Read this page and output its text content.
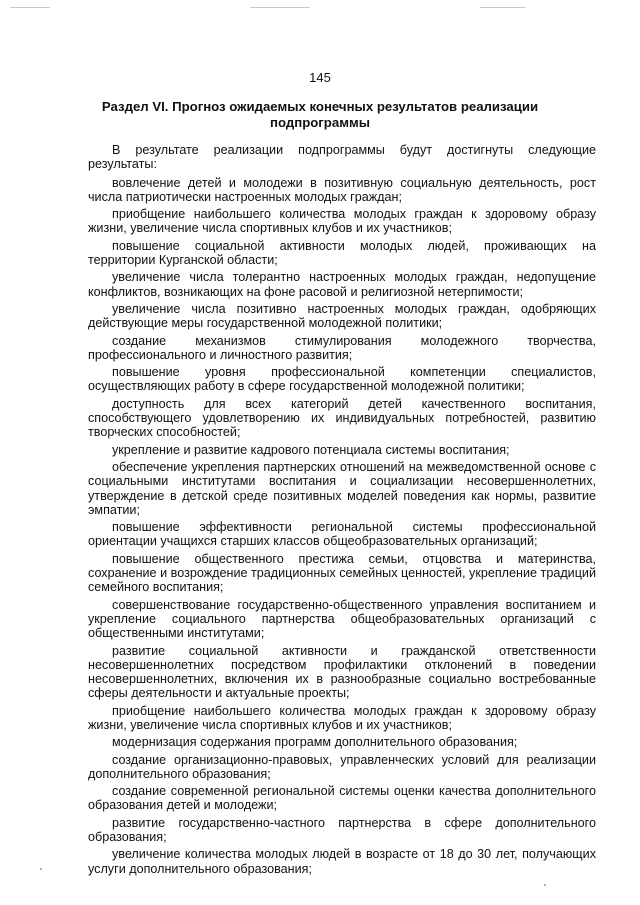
145
Раздел VI. Прогноз ожидаемых конечных результатов реализации
подпрограммы

В результате реализации подпрограммы будут достигнуты следующие результаты:

вовлечение детей и молодежи в позитивную социальную деятельность, рост числа патриотически настроенных молодых граждан;

приобщение наибольшего количества молодых граждан к здоровому образу жизни, увеличение числа спортивных клубов и их участников;

повышение социальной активности молодых людей, проживающих на территории Курганской области;

увеличение числа толерантно настроенных молодых граждан, недопущение конфликтов, возникающих на фоне расовой и религиозной нетерпимости;

увеличение числа позитивно настроенных молодых граждан, одобряющих действующие меры государственной молодежной политики;

создание механизмов стимулирования молодежного творчества, профессионального и личностного развития;

повышение уровня профессиональной компетенции специалистов, осуществляющих работу в сфере государственной молодежной политики;

доступность для всех категорий детей качественного воспитания, способствующего удовлетворению их индивидуальных потребностей, развитию творческих способностей;

укрепление и развитие кадрового потенциала системы воспитания;

обеспечение укрепления партнерских отношений на межведомственной основе с социальными институтами воспитания и социализации несовершеннолетних, утверждение в детской среде позитивных моделей поведения как нормы, развитие эмпатии;

повышение эффективности региональной системы профессиональной ориентации учащихся старших классов общеобразовательных организаций;

повышение общественного престижа семьи, отцовства и материнства, сохранение и возрождение традиционных семейных ценностей, укрепление традиций семейного воспитания;

совершенствование государственно-общественного управления воспитанием и укрепление социального партнерства общеобразовательных организаций с общественными институтами;

развитие социальной активности и гражданской ответственности несовершеннолетних посредством профилактики отклонений в поведении несовершеннолетних, включения их в разнообразные социально востребованные сферы деятельности и актуальные проекты;

приобщение наибольшего количества молодых граждан к здоровому образу жизни, увеличение числа спортивных клубов и их участников;

модернизация содержания программ дополнительного образования;

создание организационно-правовых, управленческих условий для реализации дополнительного образования;

создание современной региональной системы оценки качества дополнительного образования детей и молодежи;

развитие государственно-частного партнерства в сфере дополнительного образования;

увеличение количества молодых людей в возрасте от 18 до 30 лет, получающих услуги дополнительного образования;
